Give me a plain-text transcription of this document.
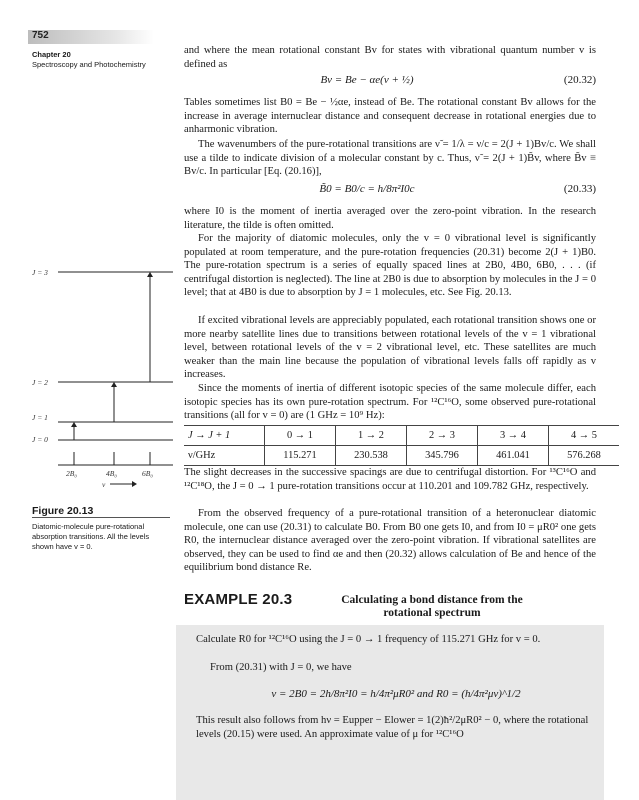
752
Chapter 20
Spectroscopy and Photochemistry

and where the mean rotational constant Bv for states with vibrational quantum number v is defined as

Bv = Be − αe(v + ½)	(20.32)

Tables sometimes list B0 = Be − ½αe, instead of Be. The rotational constant Bv allows for the increase in average internuclear distance and consequent decrease in rotational energies due to anharmonic vibration.

The wavenumbers of the pure-rotational transitions are ν̃ = 1/λ = ν/c = 2(J + 1)Bv/c. We shall use a tilde to indicate division of a molecular constant by c. Thus, ν̃ = 2(J + 1)B̃v, where B̃v ≡ Bv/c. In particular [Eq. (20.16)],

B̃0 = B0/c = h/8π²I0c	(20.33)

where I0 is the moment of inertia averaged over the zero-point vibration. In the research literature, the tilde is often omitted.

For the majority of diatomic molecules, only the v = 0 vibrational level is significantly populated at room temperature, and the pure-rotation frequencies (20.31) become 2(J + 1)B0. The pure-rotation spectrum is a series of equally spaced lines at 2B0, 4B0, 6B0, . . . (if centrifugal distortion is neglected). The line at 2B0 is due to absorption by molecules in the J = 0 level; that at 4B0 is due to absorption by J = 1 molecules, etc. See Fig. 20.13.

If excited vibrational levels are appreciably populated, each rotational transition shows one or more nearby satellite lines due to transitions between rotational levels of the v = 1 vibrational level, between rotational levels of the v = 2 vibrational level, etc. These satellites are much weaker than the main line because the population of vibrational levels falls off rapidly as v increases.

Since the moments of inertia of different isotopic species of the same molecule differ, each isotopic species has its own pure-rotation spectrum. For ¹²C¹⁶O, some observed pure-rotational transitions (all for v = 0) are (1 GHz = 10⁹ Hz):

J → J + 1	0 → 1	1 → 2	2 → 3	3 → 4	4 → 5
ν/GHz	115.271	230.538	345.796	461.041	576.268

The slight decreases in the successive spacings are due to centrifugal distortion. For ¹³C¹⁶O and ¹²C¹⁸O, the J = 0 → 1 pure-rotation transitions occur at 110.201 and 109.782 GHz, respectively.

From the observed frequency of a pure-rotational transition of a heteronuclear diatomic molecule, one can use (20.31) to calculate B0. From B0 one gets I0, and from I0 = μR0² one gets R0, the internuclear distance averaged over the zero-point vibration. If vibrational satellites are observed, they can be used to find αe and then (20.32) allows calculation of Be and hence of the equilibrium bond distance Re.

J = 3
J = 2
J = 1
J = 0
2B₀	4B₀	6B₀
ν
Figure 20.13
Diatomic-molecule pure-rotational absorption transitions. All the levels shown have v = 0.
EXAMPLE 20.3	Calculating a bond distance from the rotational spectrum

Calculate R0 for ¹²C¹⁶O using the J = 0 → 1 frequency of 115.271 GHz for v = 0.

From (20.31) with J = 0, we have

ν = 2B0 = 2h/8π²I0 = h/4π²μR0² and R0 = (h/4π²μν)^1/2

This result also follows from hν = Eupper − Elower = 1(2)ħ²/2μR0² − 0, where the rotational levels (20.15) were used. An approximate value of μ for ¹²C¹⁶O
